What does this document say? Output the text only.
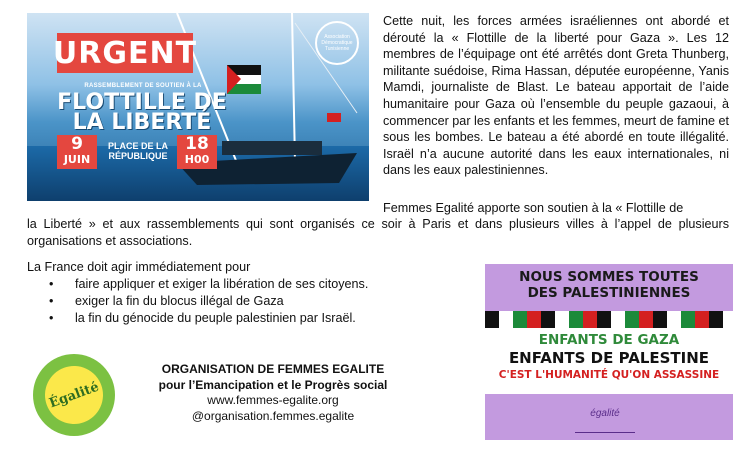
URGENT
RASSEMBLEMENT DE SOUTIEN À LA
FLOTTILLE DE LA LIBERTÉ
9
JUIN
PLACE DE LA RÉPUBLIQUE
18
H00
Association Démocratique Tunisienne
Cette nuit, les forces armées israéliennes ont abordé et dérouté la « Flottille de la liberté pour Gaza ». Les 12 membres de l’équipage ont été arrêtés dont Greta Thunberg, militante suédoise, Rima Hassan, députée européenne, Yanis Mamdi, journaliste de Blast. Le bateau apportait de l’aide humanitaire pour Gaza où l’ensemble du peuple gazaoui, à commencer par les enfants et les femmes, meurt de famine et sous les bombes. Le bateau a été abordé en toute illégalité. Israël n’a aucune autorité dans les eaux internationales, ni dans les eaux palestiniennes.
Femmes Egalité apporte son soutien à la « Flottille de
la Liberté » et aux rassemblements qui sont organisés ce soir à Paris et dans plusieurs villes à l’appel de plusieurs organisations et associations.
La France doit agir immédiatement pour
• faire appliquer et exiger la libération de ses citoyens.
• exiger la fin du blocus illégal de Gaza
• la fin du génocide du peuple palestinien par Israël.
Égalité
ORGANISATION DE FEMMES EGALITE
pour l’Emancipation et le Progrès social
www.femmes-egalite.org
@organisation.femmes.egalite
NOUS SOMMES TOUTES
DES PALESTINIENNES
ENFANTS DE GAZA
ENFANTS DE PALESTINE
C'EST L'HUMANITÉ QU'ON ASSASSINE
égalité
